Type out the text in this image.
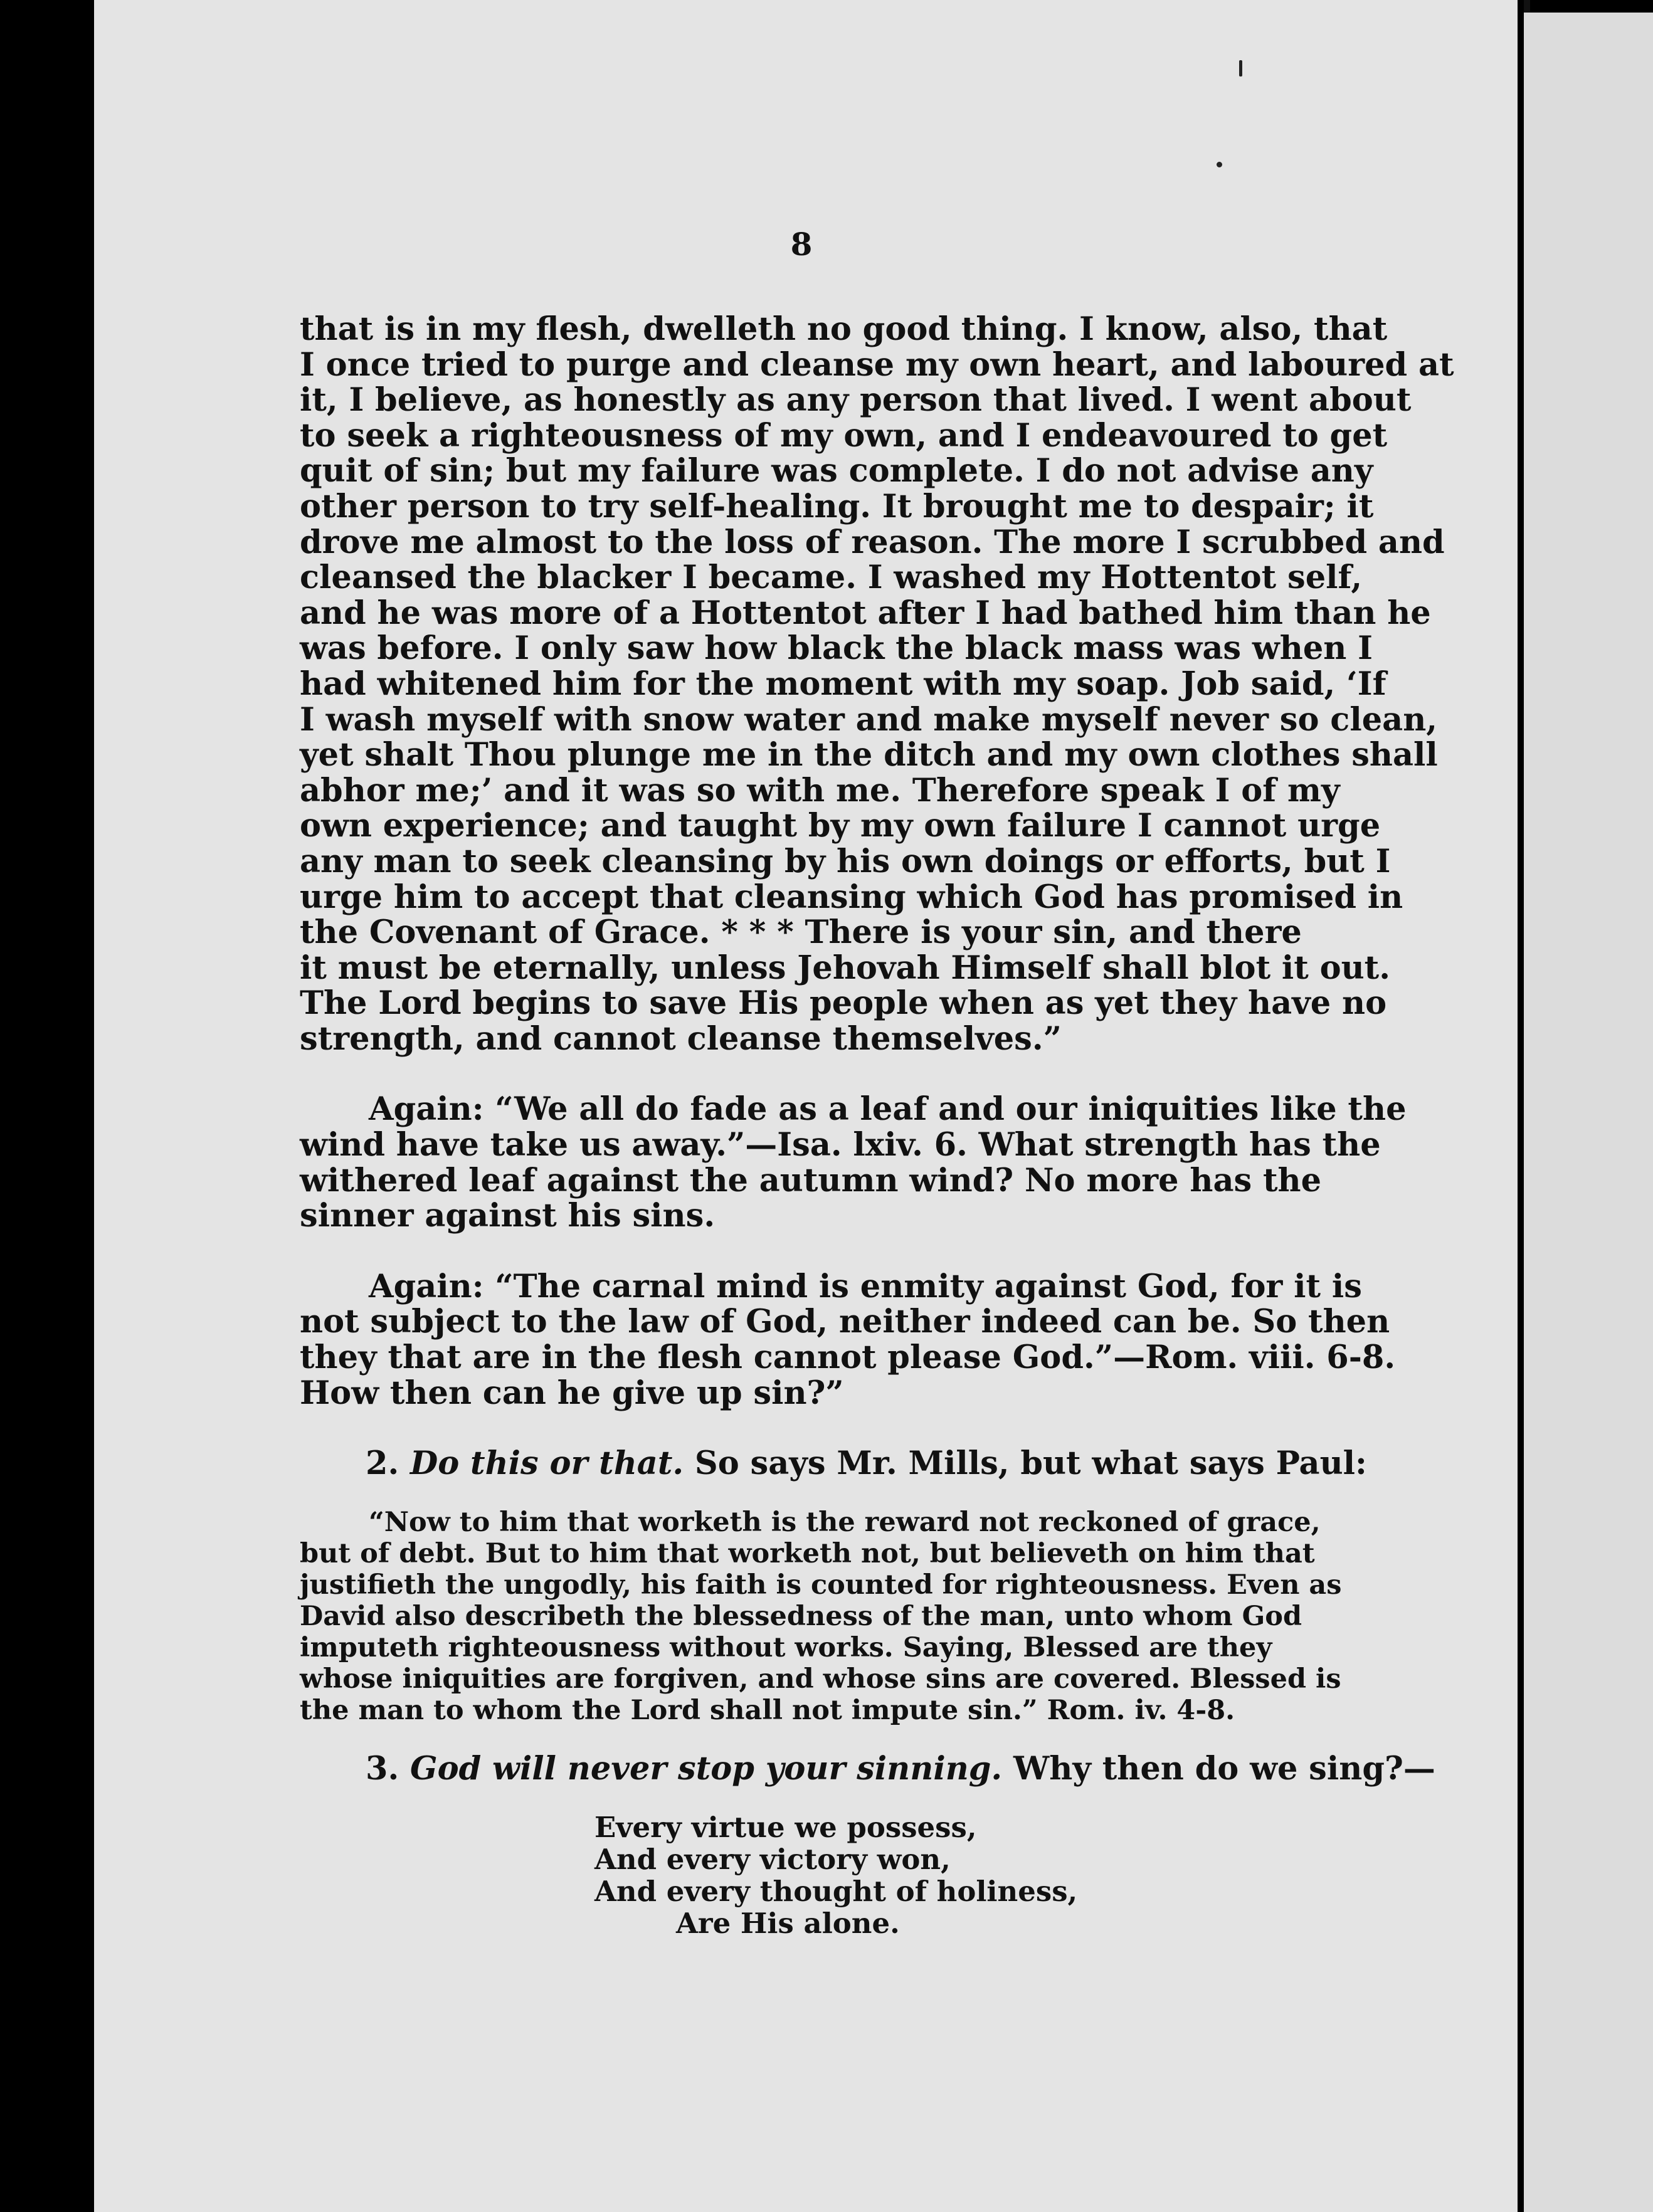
8
that is in my flesh, dwelleth no good thing. I know, also, that
I once tried to purge and cleanse my own heart, and laboured at
it, I believe, as honestly as any person that lived. I went about
to seek a righteousness of my own, and I endeavoured to get
quit of sin; but my failure was complete. I do not advise any
other person to try self-healing. It brought me to despair; it
drove me almost to the loss of reason. The more I scrubbed and
cleansed the blacker I became. I washed my Hottentot self,
and he was more of a Hottentot after I had bathed him than he
was before. I only saw how black the black mass was when I
had whitened him for the moment with my soap. Job said, ‘If
I wash myself with snow water and make myself never so clean,
yet shalt Thou plunge me in the ditch and my own clothes shall
abhor me;’ and it was so with me. Therefore speak I of my
own experience; and taught by my own failure I cannot urge
any man to seek cleansing by his own doings or efforts, but I
urge him to accept that cleansing which God has promised in
the Covenant of Grace. * * * There is your sin, and there
it must be eternally, unless Jehovah Himself shall blot it out.
The Lord begins to save His people when as yet they have no
strength, and cannot cleanse themselves.”
Again: “We all do fade as a leaf and our iniquities like the
wind have take us away.”—Isa. lxiv. 6. What strength has the
withered leaf against the autumn wind? No more has the
sinner against his sins.
Again: “The carnal mind is enmity against God, for it is
not subject to the law of God, neither indeed can be. So then
they that are in the flesh cannot please God.”—Rom. viii. 6-8.
How then can he give up sin?”
2. Do this or that. So says Mr. Mills, but what says Paul:
“Now to him that worketh is the reward not reckoned of grace,
but of debt. But to him that worketh not, but believeth on him that
justifieth the ungodly, his faith is counted for righteousness. Even as
David also describeth the blessedness of the man, unto whom God
imputeth righteousness without works. Saying, Blessed are they
whose iniquities are forgiven, and whose sins are covered. Blessed is
the man to whom the Lord shall not impute sin.” Rom. iv. 4-8.
3. God will never stop your sinning. Why then do we sing?—
Every virtue we possess,
And every victory won,
And every thought of holiness,
Are His alone.
